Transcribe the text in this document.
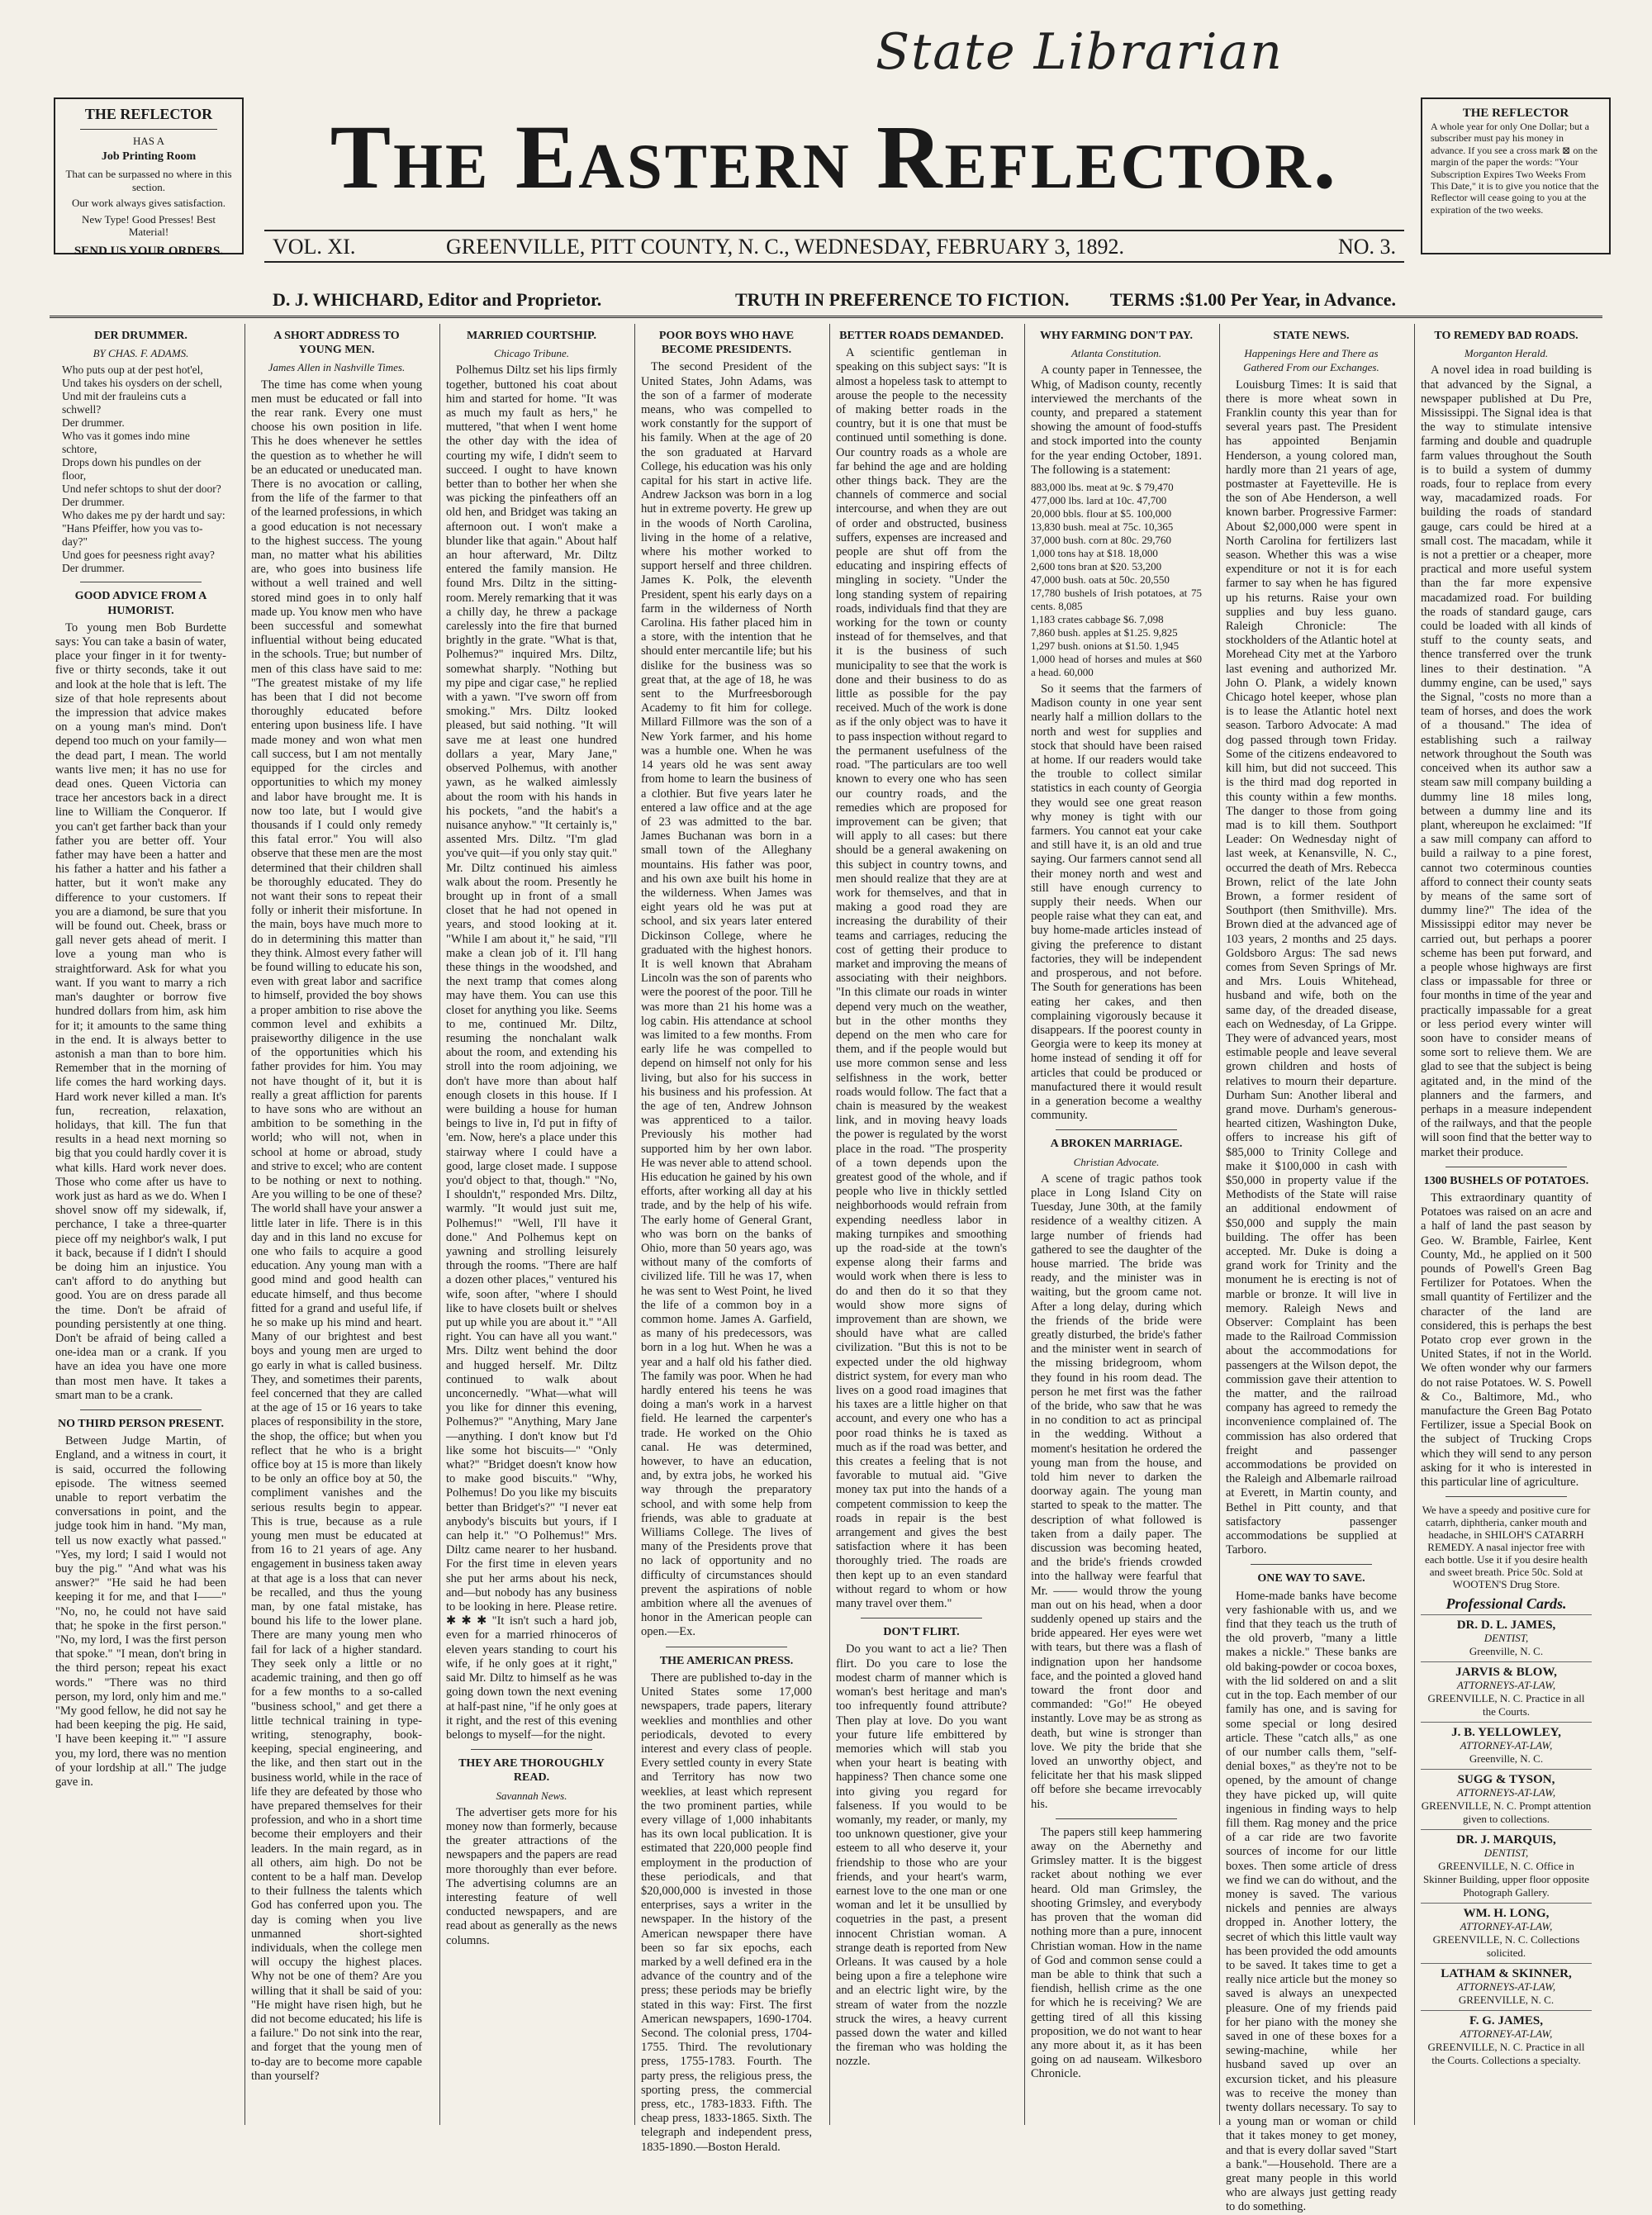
State Librarian
THE REFLECTOR
HAS A
Job Printing Room
That can be surpassed no where in this section.
Our work always gives satisfaction.
New Type! Good Presses! Best Material!
SEND US YOUR ORDERS.
The Eastern Reflector.	THE REFLECTOR
A whole year for only One Dollar; but a subscriber must pay his money in advance. If you see a cross mark ⊠ on the margin of the paper the words: "Your Subscription Expires Two Weeks From This Date," it is to give you notice that the Reflector will cease going to you at the expiration of the two weeks.
VOL. XI.	GREENVILLE, PITT COUNTY, N. C., WEDNESDAY, FEBRUARY 3, 1892.	NO. 3.
D. J. WHICHARD, Editor and Proprietor.	TRUTH IN PREFERENCE TO FICTION. TERMS :$1.00 Per Year, in Advance.
DER DRUMMER.
BY CHAS. F. ADAMS.
Who puts oup at der pest hot'el,
Und takes his oysders on der schell,
Und mit der frauleins cuts a schwell?
Der drummer.
Who vas it gomes indo mine schtore,
Drops down his pundles on der floor,
Und nefer schtops to shut der door?
Der drummer.
Who dakes me py der hardt und say:
"Hans Pfeiffer, how you vas to-day?"
Und goes for peesness right avay?
Der drummer.
GOOD ADVICE FROM A HUMORIST.

To young men Bob Burdette says: You can take a basin of water, place your finger in it for twenty-five or thirty seconds, take it out and look at the hole that is left. The size of that hole represents about the impression that advice makes on a young man's mind. Don't depend too much on your family—the dead part, I mean. The world wants live men; it has no use for dead ones. Queen Victoria can trace her ancestors back in a direct line to William the Conqueror. If you can't get farther back than your father you are better off. Your father may have been a hatter and his father a hatter and his father a hatter, but it won't make any difference to your customers. If you are a diamond, be sure that you will be found out. Cheek, brass or gall never gets ahead of merit. I love a young man who is straightforward. Ask for what you want. If you want to marry a rich man's daughter or borrow five hundred dollars from him, ask him for it; it amounts to the same thing in the end. It is always better to astonish a man than to bore him. Remember that in the morning of life comes the hard working days. Hard work never killed a man. It's fun, recreation, relaxation, holidays, that kill. The fun that results in a head next morning so big that you could hardly cover it is what kills. Hard work never does. Those who come after us have to work just as hard as we do. When I shovel snow off my sidewalk, if, perchance, I take a three-quarter piece off my neighbor's walk, I put it back, because if I didn't I should be doing him an injustice. You can't afford to do anything but good. You are on dress parade all the time. Don't be afraid of pounding persistently at one thing. Don't be afraid of being called a one-idea man or a crank. If you have an idea you have one more than most men have. It takes a smart man to be a crank.

NO THIRD PERSON PRESENT.

Between Judge Martin, of England, and a witness in court, it is said, occurred the following episode. The witness seemed unable to report verbatim the conversations in point, and the judge took him in hand. "My man, tell us now exactly what passed." "Yes, my lord; I said I would not buy the pig." "And what was his answer?" "He said he had been keeping it for me, and that I——" "No, no, he could not have said that; he spoke in the first person." "No, my lord, I was the first person that spoke." "I mean, don't bring in the third person; repeat his exact words." "There was no third person, my lord, only him and me." "My good fellow, he did not say he had been keeping the pig. He said, 'I have been keeping it.'" "I assure you, my lord, there was no mention of your lordship at all." The judge gave in.

A SHORT ADDRESS TO YOUNG MEN.
James Allen in Nashville Times.

The time has come when young men must be educated or fall into the rear rank. Every one must choose his own position in life. This he does whenever he settles the question as to whether he will be an educated or uneducated man. There is no avocation or calling, from the life of the farmer to that of the learned professions, in which a good education is not necessary to the highest success. The young man, no matter what his abilities are, who goes into business life without a well trained and well stored mind goes in to only half made up. You know men who have been successful and somewhat influential without being educated in the schools. True; but number of men of this class have said to me: "The greatest mistake of my life has been that I did not become thoroughly educated before entering upon business life. I have made money and won what men call success, but I am not mentally equipped for the circles and opportunities to which my money and labor have brought me. It is now too late, but I would give thousands if I could only remedy this fatal error." You will also observe that these men are the most determined that their children shall be thoroughly educated. They do not want their sons to repeat their folly or inherit their misfortune. In the main, boys have much more to do in determining this matter than they think. Almost every father will be found willing to educate his son, even with great labor and sacrifice to himself, provided the boy shows a proper ambition to rise above the common level and exhibits a praiseworthy diligence in the use of the opportunities which his father provides for him. You may not have thought of it, but it is really a great affliction for parents to have sons who are without an ambition to be something in the world; who will not, when in school at home or abroad, study and strive to excel; who are content to be nothing or next to nothing. Are you willing to be one of these? The world shall have your answer a little later in life. There is in this day and in this land no excuse for one who fails to acquire a good education. Any young man with a good mind and good health can educate himself, and thus become fitted for a grand and useful life, if he so make up his mind and heart. Many of our brightest and best boys and young men are urged to go early in what is called business. They, and sometimes their parents, feel concerned that they are called at the age of 15 or 16 years to take places of responsibility in the store, the shop, the office; but when you reflect that he who is a bright office boy at 15 is more than likely to be only an office boy at 50, the compliment vanishes and the serious results begin to appear. This is true, because as a rule young men must be educated at from 16 to 21 years of age. Any engagement in business taken away at that age is a loss that can never be recalled, and thus the young man, by one fatal mistake, has bound his life to the lower plane. There are many young men who fail for lack of a higher standard. They seek only a little or no academic training, and then go off for a few months to a so-called "business school," and get there a little technical training in type-writing, stenography, book-keeping, special engineering, and the like, and then start out in the business world, while in the race of life they are defeated by those who have prepared themselves for their profession, and who in a short time become their employers and their leaders. In the main regard, as in all others, aim high. Do not be content to be a half man. Develop to their fullness the talents which God has conferred upon you. The day is coming when you live unmanned short-sighted individuals, when the college men will occupy the highest places. Why not be one of them? Are you willing that it shall be said of you: "He might have risen high, but he did not become educated; his life is a failure." Do not sink into the rear, and forget that the young men of to-day are to become more capable than yourself?

MARRIED COURTSHIP.
Chicago Tribune.

Polhemus Diltz set his lips firmly together, buttoned his coat about him and started for home. "It was as much my fault as hers," he muttered, "that when I went home the other day with the idea of courting my wife, I didn't seem to succeed. I ought to have known better than to bother her when she was picking the pinfeathers off an old hen, and Bridget was taking an afternoon out. I won't make a blunder like that again." About half an hour afterward, Mr. Diltz entered the family mansion. He found Mrs. Diltz in the sitting-room. Merely remarking that it was a chilly day, he threw a package carelessly into the fire that burned brightly in the grate. "What is that, Polhemus?" inquired Mrs. Diltz, somewhat sharply. "Nothing but my pipe and cigar case," he replied with a yawn. "I've sworn off from smoking." Mrs. Diltz looked pleased, but said nothing. "It will save me at least one hundred dollars a year, Mary Jane," observed Polhemus, with another yawn, as he walked aimlessly about the room with his hands in his pockets, "and the habit's a nuisance anyhow." "It certainly is," assented Mrs. Diltz. "I'm glad you've quit—if you only stay quit." Mr. Diltz continued his aimless walk about the room. Presently he brought up in front of a small closet that he had not opened in years, and stood looking at it. "While I am about it," he said, "I'll make a clean job of it. I'll hang these things in the woodshed, and the next tramp that comes along may have them. You can use this closet for anything you like. Seems to me, continued Mr. Diltz, resuming the nonchalant walk about the room, and extending his stroll into the room adjoining, we don't have more than about half enough closets in this house. If I were building a house for human beings to live in, I'd put in fifty of 'em. Now, here's a place under this stairway where I could have a good, large closet made. I suppose you'd object to that, though." "No, I shouldn't," responded Mrs. Diltz, warmly. "It would just suit me, Polhemus!" "Well, I'll have it done." And Polhemus kept on yawning and strolling leisurely through the rooms. "There are half a dozen other places," ventured his wife, soon after, "where I should like to have closets built or shelves put up while you are about it." "All right. You can have all you want." Mrs. Diltz went behind the door and hugged herself. Mr. Diltz continued to walk about unconcernedly. "What—what will you like for dinner this evening, Polhemus?" "Anything, Mary Jane—anything. I don't know but I'd like some hot biscuits—" "Only what?" "Bridget doesn't know how to make good biscuits." "Why, Polhemus! Do you like my biscuits better than Bridget's?" "I never eat anybody's biscuits but yours, if I can help it." "O Polhemus!" Mrs. Diltz came nearer to her husband. For the first time in eleven years she put her arms about his neck, and—but nobody has any business to be looking in here. Please retire. ✱ ✱ ✱ "It isn't such a hard job, even for a married rhinoceros of eleven years standing to court his wife, if he only goes at it right," said Mr. Diltz to himself as he was going down town the next evening at half-past nine, "if he only goes at it right, and the rest of this evening belongs to myself—for the night.

THEY ARE THOROUGHLY READ.
Savannah News.

The advertiser gets more for his money now than formerly, because the greater attractions of the newspapers and the papers are read more thoroughly than ever before. The advertising columns are an interesting feature of well conducted newspapers, and are read about as generally as the news columns.

POOR BOYS WHO HAVE BECOME PRESIDENTS.

The second President of the United States, John Adams, was the son of a farmer of moderate means, who was compelled to work constantly for the support of his family. When at the age of 20 the son graduated at Harvard College, his education was his only capital for his start in active life. Andrew Jackson was born in a log hut in extreme poverty. He grew up in the woods of North Carolina, living in the home of a relative, where his mother worked to support herself and three children. James K. Polk, the eleventh President, spent his early days on a farm in the wilderness of North Carolina. His father placed him in a store, with the intention that he should enter mercantile life; but his dislike for the business was so great that, at the age of 18, he was sent to the Murfreesborough Academy to fit him for college. Millard Fillmore was the son of a New York farmer, and his home was a humble one. When he was 14 years old he was sent away from home to learn the business of a clothier. But five years later he entered a law office and at the age of 23 was admitted to the bar. James Buchanan was born in a small town of the Alleghany mountains. His father was poor, and his own axe built his home in the wilderness. When James was eight years old he was put at school, and six years later entered Dickinson College, where he graduated with the highest honors. It is well known that Abraham Lincoln was the son of parents who were the poorest of the poor. Till he was more than 21 his home was a log cabin. His attendance at school was limited to a few months. From early life he was compelled to depend on himself not only for his living, but also for his success in his business and his profession. At the age of ten, Andrew Johnson was apprenticed to a tailor. Previously his mother had supported him by her own labor. He was never able to attend school. His education he gained by his own efforts, after working all day at his trade, and by the help of his wife. The early home of General Grant, who was born on the banks of Ohio, more than 50 years ago, was without many of the comforts of civilized life. Till he was 17, when he was sent to West Point, he lived the life of a common boy in a common home. James A. Garfield, as many of his predecessors, was born in a log hut. When he was a year and a half old his father died. The family was poor. When he had hardly entered his teens he was doing a man's work in a harvest field. He learned the carpenter's trade. He worked on the Ohio canal. He was determined, however, to have an education, and, by extra jobs, he worked his way through the preparatory school, and with some help from friends, was able to graduate at Williams College. The lives of many of the Presidents prove that no lack of opportunity and no difficulty of circumstances should prevent the aspirations of noble ambition where all the avenues of honor in the American people can open.—Ex.

THE AMERICAN PRESS.

There are published to-day in the United States some 17,000 newspapers, trade papers, literary weeklies and monthlies and other periodicals, devoted to every interest and every class of people. Every settled county in every State and Territory has now two weeklies, at least which represent the two prominent parties, while every village of 1,000 inhabitants has its own local publication. It is estimated that 220,000 people find employment in the production of these periodicals, and that $20,000,000 is invested in those enterprises, says a writer in the newspaper. In the history of the American newspaper there have been so far six epochs, each marked by a well defined era in the advance of the country and of the press; these periods may be briefly stated in this way: First. The first American newspapers, 1690-1704. Second. The colonial press, 1704-1755. Third. The revolutionary press, 1755-1783. Fourth. The party press, the religious press, the sporting press, the commercial press, etc., 1783-1833. Fifth. The cheap press, 1833-1865. Sixth. The telegraph and independent press, 1835-1890.—Boston Herald.

BETTER ROADS DEMANDED.

A scientific gentleman in speaking on this subject says: "It is almost a hopeless task to attempt to arouse the people to the necessity of making better roads in the country, but it is one that must be continued until something is done. Our country roads as a whole are far behind the age and are holding other things back. They are the channels of commerce and social intercourse, and when they are out of order and obstructed, business suffers, expenses are increased and people are shut off from the educating and inspiring effects of mingling in society. "Under the long standing system of repairing roads, individuals find that they are working for the town or county instead of for themselves, and that it is the business of such municipality to see that the work is done and their business to do as little as possible for the pay received. Much of the work is done as if the only object was to have it to pass inspection without regard to the permanent usefulness of the road. "The particulars are too well known to every one who has seen our country roads, and the remedies which are proposed for improvement can be given; that will apply to all cases: but there should be a general awakening on this subject in country towns, and men should realize that they are at work for themselves, and that in making a good road they are increasing the durability of their teams and carriages, reducing the cost of getting their produce to market and improving the means of associating with their neighbors. "In this climate our roads in winter depend very much on the weather, but in the other months they depend on the men who care for them, and if the people would but use more common sense and less selfishness in the work, better roads would follow. The fact that a chain is measured by the weakest link, and in moving heavy loads the power is regulated by the worst place in the road. "The prosperity of a town depends upon the greatest good of the whole, and if people who live in thickly settled neighborhoods would refrain from expending needless labor in making turnpikes and smoothing up the road-side at the town's expense along their farms and would work when there is less to do and then do it so that they would show more signs of improvement than are shown, we should have what are called civilization. "But this is not to be expected under the old highway district system, for every man who lives on a good road imagines that his taxes are a little higher on that account, and every one who has a poor road thinks he is taxed as much as if the road was better, and this creates a feeling that is not favorable to mutual aid. "Give money tax put into the hands of a competent commission to keep the roads in repair is the best arrangement and gives the best satisfaction where it has been thoroughly tried. The roads are then kept up to an even standard without regard to whom or how many travel over them."

DON'T FLIRT.

Do you want to act a lie? Then flirt. Do you care to lose the modest charm of manner which is woman's best heritage and man's too infrequently found attribute? Then play at love. Do you want your future life embittered by memories which will stab you when your heart is beating with happiness? Then chance some one into giving you regard for falseness. If you would to be womanly, my reader, or manly, my too unknown questioner, give your esteem to all who deserve it, your friendship to those who are your friends, and your heart's warm, earnest love to the one man or one woman and let it be unsullied by coquetries in the past, a present innocent Christian woman. A strange death is reported from New Orleans. It was caused by a hole being upon a fire a telephone wire and an electric light wire, by the stream of water from the nozzle struck the wires, a heavy current passed down the water and killed the fireman who was holding the nozzle.

WHY FARMING DON'T PAY.
Atlanta Constitution.

A county paper in Tennessee, the Whig, of Madison county, recently interviewed the merchants of the county, and prepared a statement showing the amount of food-stuffs and stock imported into the county for the year ending October, 1891. The following is a statement:

883,000 lbs. meat at 9c. $ 79,470
477,000 lbs. lard at 10c. 47,700
20,000 bbls. flour at $5. 100,000
13,830 bush. meal at 75c. 10,365
37,000 bush. corn at 80c. 29,760
1,000 tons hay at $18. 18,000
2,600 tons bran at $20. 53,200
47,000 bush. oats at 50c. 20,550
17,780 bushels of Irish potatoes, at 75 cents. 8,085
1,183 crates cabbage $6. 7,098
7,860 bush. apples at $1.25. 9,825
1,297 bush. onions at $1.50. 1,945
1,000 head of horses and mules at $60 a head. 60,000

So it seems that the farmers of Madison county in one year sent nearly half a million dollars to the north and west for supplies and stock that should have been raised at home. If our readers would take the trouble to collect similar statistics in each county of Georgia they would see one great reason why money is tight with our farmers. You cannot eat your cake and still have it, is an old and true saying. Our farmers cannot send all their money north and west and still have enough currency to supply their needs. When our people raise what they can eat, and buy home-made articles instead of giving the preference to distant factories, they will be independent and prosperous, and not before. The South for generations has been eating her cakes, and then complaining vigorously because it disappears. If the poorest county in Georgia were to keep its money at home instead of sending it off for articles that could be produced or manufactured there it would result in a generation become a wealthy community.

A BROKEN MARRIAGE.
Christian Advocate.

A scene of tragic pathos took place in Long Island City on Tuesday, June 30th, at the family residence of a wealthy citizen. A large number of friends had gathered to see the daughter of the house married. The bride was ready, and the minister was in waiting, but the groom came not. After a long delay, during which the friends of the bride were greatly disturbed, the bride's father and the minister went in search of the missing bridegroom, whom they found in his room dead. The person he met first was the father of the bride, who saw that he was in no condition to act as principal in the wedding. Without a moment's hesitation he ordered the young man from the house, and told him never to darken the doorway again. The young man started to speak to the matter. The description of what followed is taken from a daily paper. The discussion was becoming heated, and the bride's friends crowded into the hallway were fearful that Mr. —— would throw the young man out on his head, when a door suddenly opened up stairs and the bride appeared. Her eyes were wet with tears, but there was a flash of indignation upon her handsome face, and the pointed a gloved hand toward the front door and commanded: "Go!" He obeyed instantly. Love may be as strong as death, but wine is stronger than love. We pity the bride that she loved an unworthy object, and felicitate her that his mask slipped off before she became irrevocably his.

The papers still keep hammering away on the Abernethy and Grimsley matter. It is the biggest racket about nothing we ever heard. Old man Grimsley, the shooting Grimsley, and everybody has proven that the woman did nothing more than a pure, innocent Christian woman. How in the name of God and common sense could a man be able to think that such a fiendish, hellish crime as the one for which he is receiving? We are getting tired of all this kissing proposition, we do not want to hear any more about it, as it has been going on ad nauseam. Wilkesboro Chronicle.

STATE NEWS.
Happenings Here and There as Gathered From our Exchanges.

Louisburg Times: It is said that there is more wheat sown in Franklin county this year than for several years past. The President has appointed Benjamin Henderson, a young colored man, hardly more than 21 years of age, postmaster at Fayetteville. He is the son of Abe Henderson, a well known barber. Progressive Farmer: About $2,000,000 were spent in North Carolina for fertilizers last season. Whether this was a wise expenditure or not it is for each farmer to say when he has figured up his returns. Raise your own supplies and buy less guano. Raleigh Chronicle: The stockholders of the Atlantic hotel at Morehead City met at the Yarboro last evening and authorized Mr. John O. Plank, a widely known Chicago hotel keeper, whose plan is to lease the Atlantic hotel next season. Tarboro Advocate: A mad dog passed through town Friday. Some of the citizens endeavored to kill him, but did not succeed. This is the third mad dog reported in this county within a few months. The danger to those from going mad is to kill them. Southport Leader: On Wednesday night of last week, at Kenansville, N. C., occurred the death of Mrs. Rebecca Brown, relict of the late John Brown, a former resident of Southport (then Smithville). Mrs. Brown died at the advanced age of 103 years, 2 months and 25 days. Goldsboro Argus: The sad news comes from Seven Springs of Mr. and Mrs. Louis Whitehead, husband and wife, both on the same day, of the dreaded disease, each on Wednesday, of La Grippe. They were of advanced years, most estimable people and leave several grown children and hosts of relatives to mourn their departure. Durham Sun: Another liberal and grand move. Durham's generous-hearted citizen, Washington Duke, offers to increase his gift of $85,000 to Trinity College and make it $100,000 in cash with $50,000 in property value if the Methodists of the State will raise an additional endowment of $50,000 and supply the main building. The offer has been accepted. Mr. Duke is doing a grand work for Trinity and the monument he is erecting is not of marble or bronze. It will live in memory. Raleigh News and Observer: Complaint has been made to the Railroad Commission about the accommodations for passengers at the Wilson depot, the commission gave their attention to the matter, and the railroad company has agreed to remedy the inconvenience complained of. The commission has also ordered that freight and passenger accommodations be provided on the Raleigh and Albemarle railroad at Everett, in Martin county, and Bethel in Pitt county, and that satisfactory passenger accommodations be supplied at Tarboro.

ONE WAY TO SAVE.

Home-made banks have become very fashionable with us, and we find that they teach us the truth of the old proverb, "many a little makes a nickle." These banks are old baking-powder or cocoa boxes, with the lid soldered on and a slit cut in the top. Each member of our family has one, and is saving for some special or long desired article. These "catch alls," as one of our number calls them, "self-denial boxes," as they're not to be opened, by the amount of change they have picked up, will quite ingenious in finding ways to help fill them. Rag money and the price of a car ride are two favorite sources of income for our little boxes. Then some article of dress we find we can do without, and the money is saved. The various nickels and pennies are always dropped in. Another lottery, the secret of which this little vault way has been provided the odd amounts to be saved. It takes time to get a really nice article but the money so saved is always an unexpected pleasure. One of my friends paid for her piano with the money she saved in one of these boxes for a sewing-machine, while her husband saved up over an excursion ticket, and his pleasure was to receive the money than twenty dollars necessary. To say to a young man or woman or child that it takes money to get money, and that is every dollar saved "Start a bank."—Household. There are a great many people in this world who are always just getting ready to do something.

TO REMEDY BAD ROADS.
Morganton Herald.

A novel idea in road building is that advanced by the Signal, a newspaper published at Du Pre, Mississippi. The Signal idea is that the way to stimulate intensive farming and double and quadruple farm values throughout the South is to build a system of dummy roads, four to replace from every way, macadamized roads. For building the roads of standard gauge, cars could be hired at a small cost. The macadam, while it is not a prettier or a cheaper, more practical and more useful system than the far more expensive macadamized road. For building the roads of standard gauge, cars could be loaded with all kinds of stuff to the county seats, and thence transferred over the trunk lines to their destination. "A dummy engine, can be used," says the Signal, "costs no more than a team of horses, and does the work of a thousand." The idea of establishing such a railway network throughout the South was conceived when its author saw a steam saw mill company building a dummy line 18 miles long, between a dummy line and its plant, whereupon he exclaimed: "If a saw mill company can afford to build a railway to a pine forest, cannot two coterminous counties afford to connect their county seats by means of the same sort of dummy line?" The idea of the Mississippi editor may never be carried out, but perhaps a poorer scheme has been put forward, and a people whose highways are first class or impassable for three or four months in time of the year and practically impassable for a great or less period every winter will soon have to consider means of some sort to relieve them. We are glad to see that the subject is being agitated and, in the mind of the planners and the farmers, and perhaps in a measure independent of the railways, and that the people will soon find that the better way to market their produce.

1300 BUSHELS OF POTATOES.

This extraordinary quantity of Potatoes was raised on an acre and a half of land the past season by Geo. W. Bramble, Fairlee, Kent County, Md., he applied on it 500 pounds of Powell's Green Bag Fertilizer for Potatoes. When the small quantity of Fertilizer and the character of the land are considered, this is perhaps the best Potato crop ever grown in the United States, if not in the World. We often wonder why our farmers do not raise Potatoes. W. S. Powell & Co., Baltimore, Md., who manufacture the Green Bag Potato Fertilizer, issue a Special Book on the subject of Trucking Crops which they will send to any person asking for it who is interested in this particular line of agriculture.

We have a speedy and positive cure for catarrh, diphtheria, canker mouth and headache, in SHILOH'S CATARRH REMEDY. A nasal injector free with each bottle. Use it if you desire health and sweet breath. Price 50c. Sold at WOOTEN'S Drug Store.
Professional Cards.
DR. D. L. JAMES,
DENTIST,
Greenville, N. C.
JARVIS & BLOW,
ATTORNEYS-AT-LAW,
GREENVILLE, N. C. Practice in all the Courts.
J. B. YELLOWLEY,
ATTORNEY-AT-LAW,
Greenville, N. C.
SUGG & TYSON,
ATTORNEYS-AT-LAW,
GREENVILLE, N. C. Prompt attention given to collections.
DR. J. MARQUIS,
DENTIST,
GREENVILLE, N. C. Office in Skinner Building, upper floor opposite Photograph Gallery.
WM. H. LONG,
ATTORNEY-AT-LAW,
GREENVILLE, N. C. Collections solicited.
LATHAM & SKINNER,
ATTORNEYS-AT-LAW,
GREENVILLE, N. C.
F. G. JAMES,
ATTORNEY-AT-LAW,
GREENVILLE, N. C. Practice in all the Courts. Collections a specialty.
